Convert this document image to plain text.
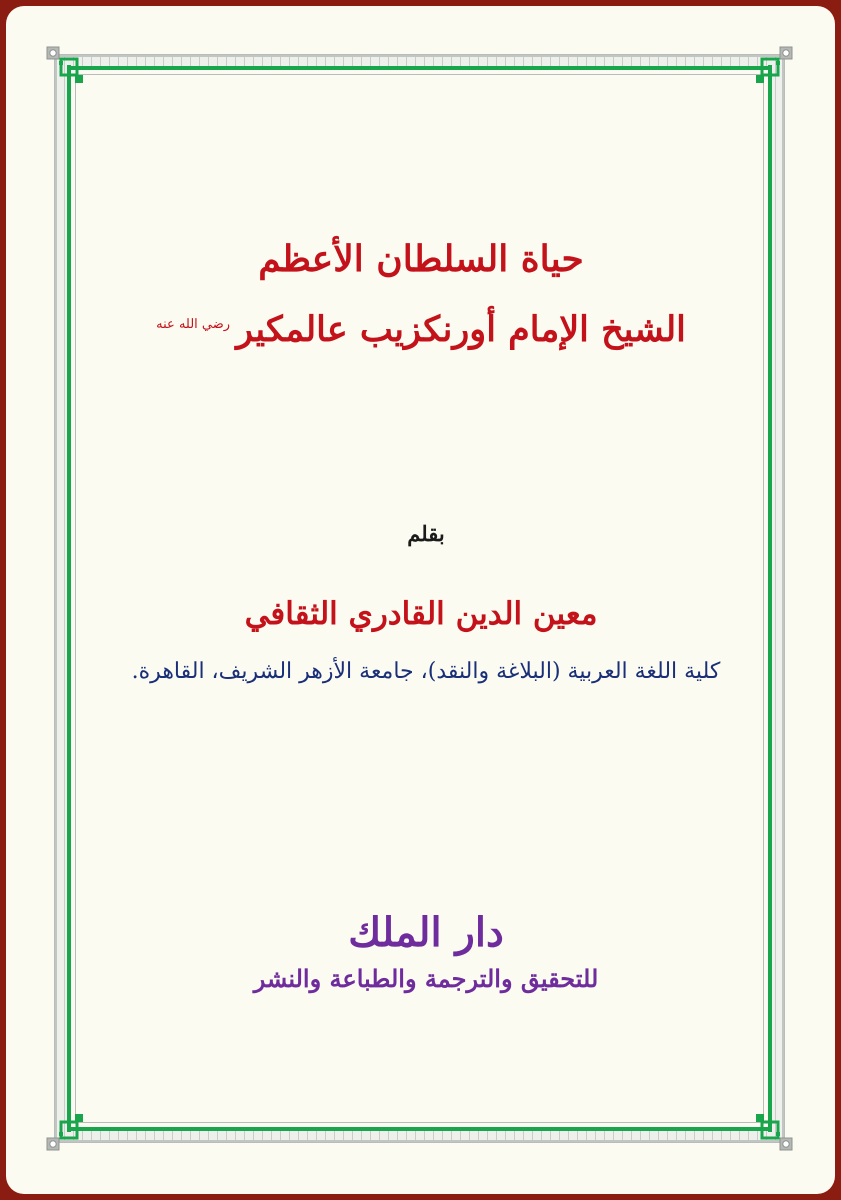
حياة السلطان الأعظم
الشيخ الإمام أورنكزيب عالمكير$^{رضي الله عنه}$
بقلم
معين الدين القادري الثقافي
كلية اللغة العربية (البلاغة والنقد)، جامعة الأزهر الشريف، القاهرة.
دار الملك
للتحقيق والترجمة والطباعة والنشر
